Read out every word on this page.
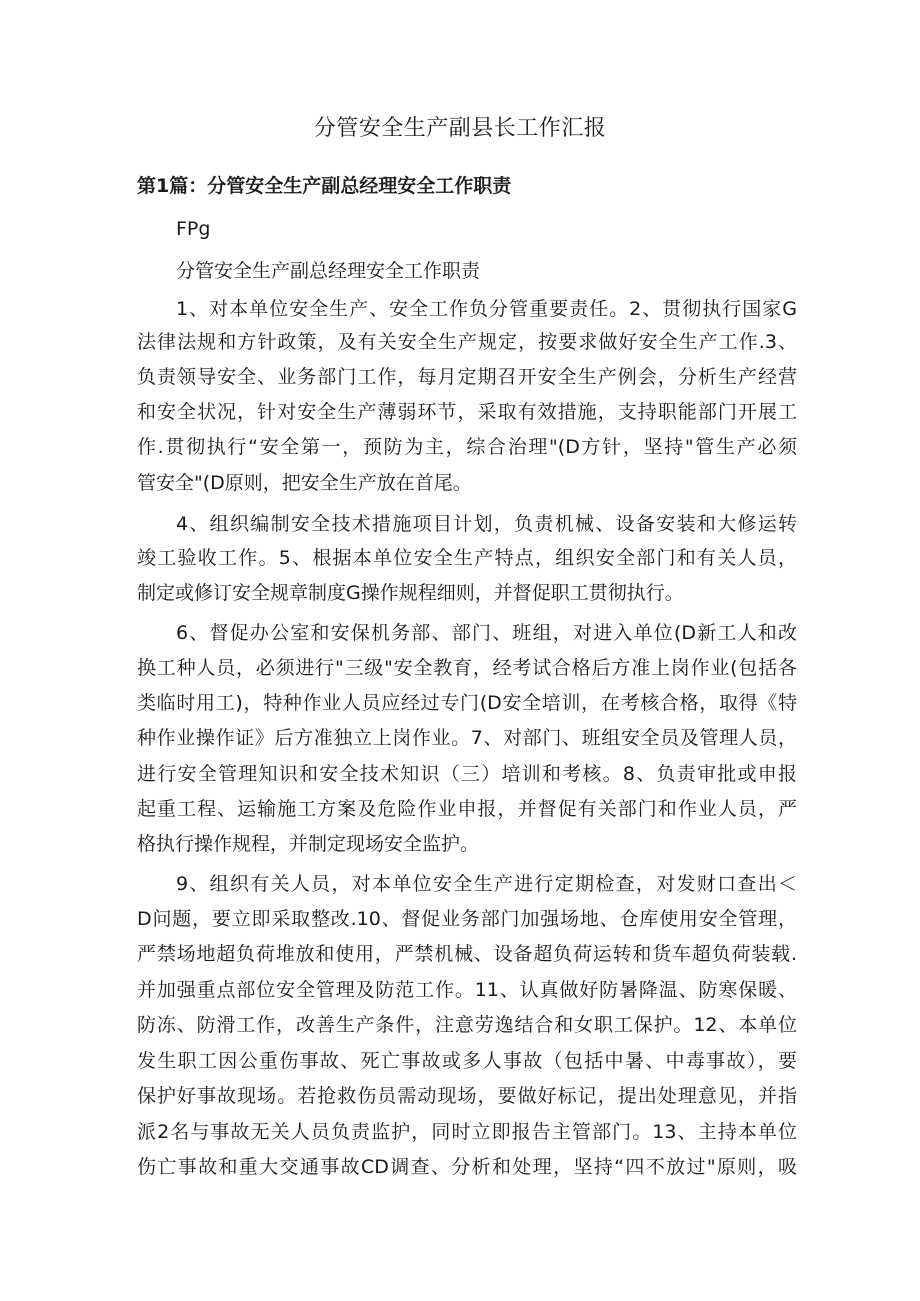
分管安全生产副县长工作汇报
第1篇：分管安全生产副总经理安全工作职责
FPg
分管安全生产副总经理安全工作职责
1、对本单位安全生产、安全工作负分管重要责任。2、贯彻执行国家G
法律法规和方针政策，及有关安全生产规定，按要求做好安全生产工作.3、
负责领导安全、业务部门工作，每月定期召开安全生产例会，分析生产经营
和安全状况，针对安全生产薄弱环节，采取有效措施，支持职能部门开展工
作.贯彻执行“安全第一，预防为主，综合治理"(D方针，坚持"管生产必须
管安全"(D原则，把安全生产放在首尾。
4、组织编制安全技术措施项目计划，负责机械、设备安装和大修运转
竣工验收工作。5、根据本单位安全生产特点，组织安全部门和有关人员，
制定或修订安全规章制度G操作规程细则，并督促职工贯彻执行。
6、督促办公室和安保机务部、部门、班组，对进入单位(D新工人和改
换工种人员，必须进行"三级"安全教育，经考试合格后方准上岗作业(包括各
类临时用工)，特种作业人员应经过专门(D安全培训，在考核合格，取得《特
种作业操作证》后方准独立上岗作业。7、对部门、班组安全员及管理人员，
进行安全管理知识和安全技术知识（三）培训和考核。8、负责审批或申报
起重工程、运输施工方案及危险作业申报，并督促有关部门和作业人员，严
格执行操作规程，并制定现场安全监护。
9、组织有关人员，对本单位安全生产进行定期检查，对发财口查出＜
D问题，要立即采取整改.10、督促业务部门加强场地、仓库使用安全管理，
严禁场地超负荷堆放和使用，严禁机械、设备超负荷运转和货车超负荷装载.
并加强重点部位安全管理及防范工作。11、认真做好防暑降温、防寒保暖、
防冻、防滑工作，改善生产条件，注意劳逸结合和女职工保护。12、本单位
发生职工因公重伤事故、死亡事故或多人事故（包括中暑、中毒事故），要
保护好事故现场。若抢救伤员需动现场，要做好标记，提出处理意见，并指
派2名与事故无关人员负责监护，同时立即报告主管部门。13、主持本单位
伤亡事故和重大交通事故CD调查、分析和处理，坚持“四不放过"原则，吸
